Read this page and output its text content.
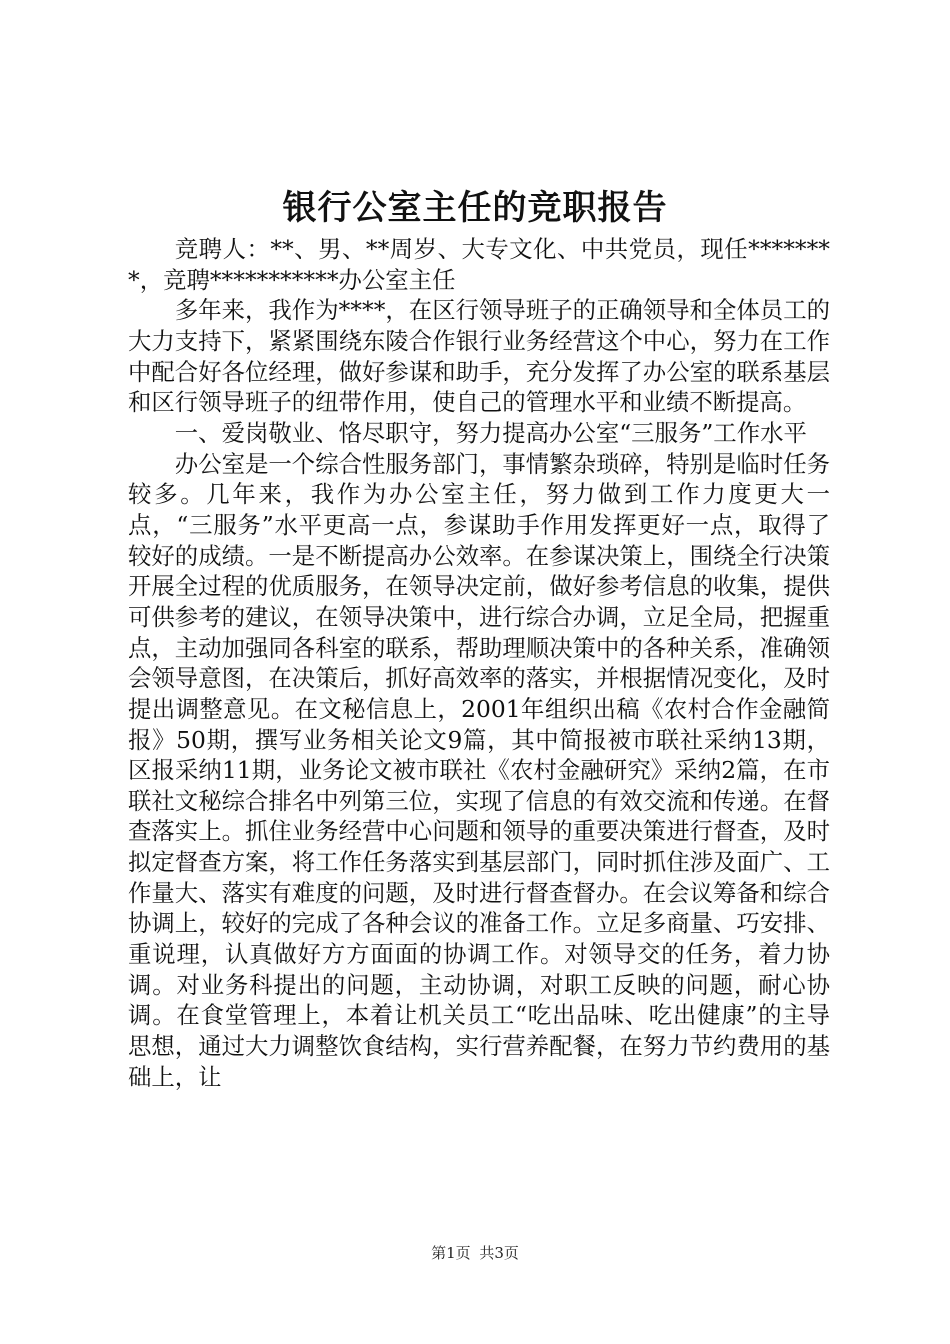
银行公室主任的竞职报告

竞聘人：**、男、**周岁、大专文化、中共党员，现任********，竞聘***********办公室主任

多年来，我作为****，在区行领导班子的正确领导和全体员工的大力支持下，紧紧围绕东陵合作银行业务经营这个中心，努力在工作中配合好各位经理，做好参谋和助手，充分发挥了办公室的联系基层和区行领导班子的纽带作用，使自己的管理水平和业绩不断提高。

一、爱岗敬业、恪尽职守，努力提高办公室“三服务”工作水平

办公室是一个综合性服务部门，事情繁杂琐碎，特别是临时任务较多。几年来，我作为办公室主任，努力做到工作力度更大一点，“三服务”水平更高一点，参谋助手作用发挥更好一点，取得了较好的成绩。一是不断提高办公效率。在参谋决策上，围绕全行决策开展全过程的优质服务，在领导决定前，做好参考信息的收集，提供可供参考的建议，在领导决策中，进行综合办调，立足全局，把握重点，主动加强同各科室的联系，帮助理顺决策中的各种关系，准确领会领导意图，在决策后，抓好高效率的落实，并根据情况变化，及时提出调整意见。在文秘信息上，2001年组织出稿《农村合作金融简报》50期，撰写业务相关论文9篇，其中简报被市联社采纳13期，区报采纳11期，业务论文被市联社《农村金融研究》采纳2篇，在市联社文秘综合排名中列第三位，实现了信息的有效交流和传递。在督查落实上。抓住业务经营中心问题和领导的重要决策进行督查，及时拟定督查方案，将工作任务落实到基层部门，同时抓住涉及面广、工作量大、落实有难度的问题，及时进行督查督办。在会议筹备和综合协调上，较好的完成了各种会议的准备工作。立足多商量、巧安排、重说理，认真做好方方面面的协调工作。对领导交的任务，着力协调。对业务科提出的问题，主动协调，对职工反映的问题，耐心协调。在食堂管理上，本着让机关员工“吃出品味、吃出健康”的主导思想，通过大力调整饮食结构，实行营养配餐，在努力节约费用的基础上，让

第1页 共3页
